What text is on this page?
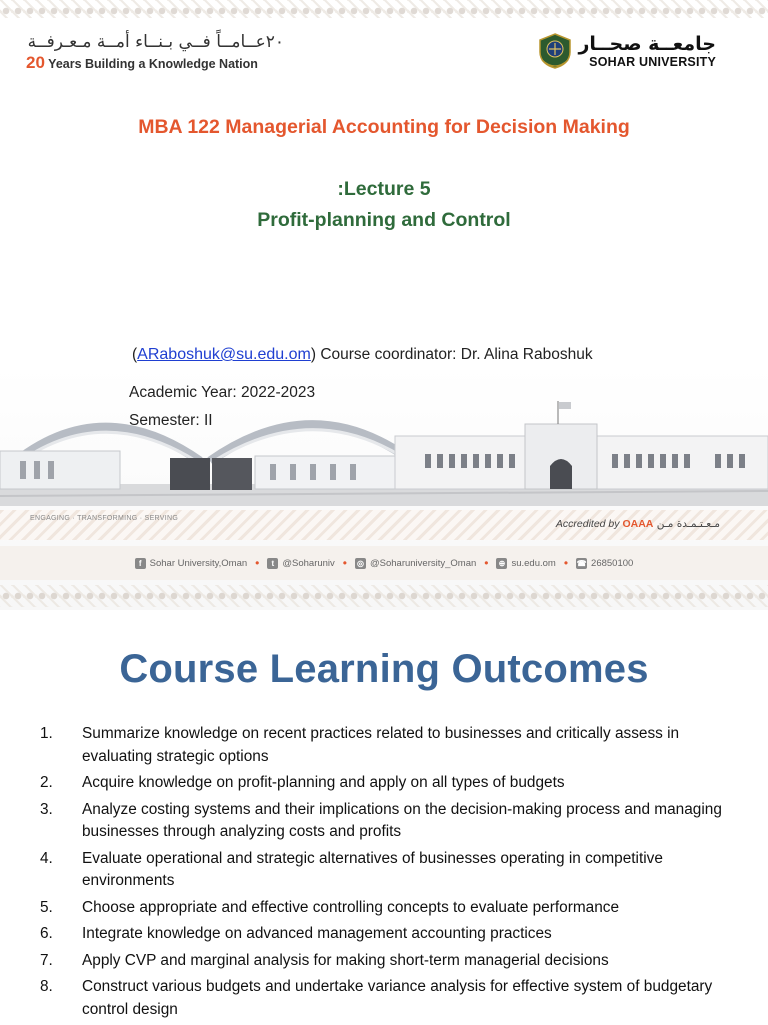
٢٠عــامــاً فــي بـنــاء أمــة مـعـرفــة
20 Years Building a Knowledge Nation
جامعــة صحــار
SOHAR UNIVERSITY
MBA 122 Managerial Accounting for Decision Making
:Lecture 5
Profit-planning and Control
(ARaboshuk@su.edu.om) Course coordinator: Dr. Alina Raboshuk
Academic Year: 2022-2023
Semester: II
ENGAGING · TRANSFORMING · SERVING	Accredited by OAAA مـعـتـمـدة مـن
f Sohar University,Oman •	t @Soharuniv • ◎ @Soharuniversity_Oman • ⊕ su.edu.om • ☎ 26850100
Course Learning Outcomes
1.	Summarize knowledge on recent practices related to businesses and critically assess in evaluating strategic options
2.	Acquire knowledge on profit-planning and apply on all types of budgets
3.	Analyze costing systems and their implications on the decision-making process and managing businesses through analyzing costs and profits
4.	Evaluate operational and strategic alternatives of businesses operating in competitive environments
5.	Choose appropriate and effective controlling concepts to evaluate performance
6.	Integrate knowledge on advanced management accounting practices
7.	Apply CVP and marginal analysis for making short-term managerial decisions
8.	Construct various budgets and undertake variance analysis for effective system of budgetary control design
